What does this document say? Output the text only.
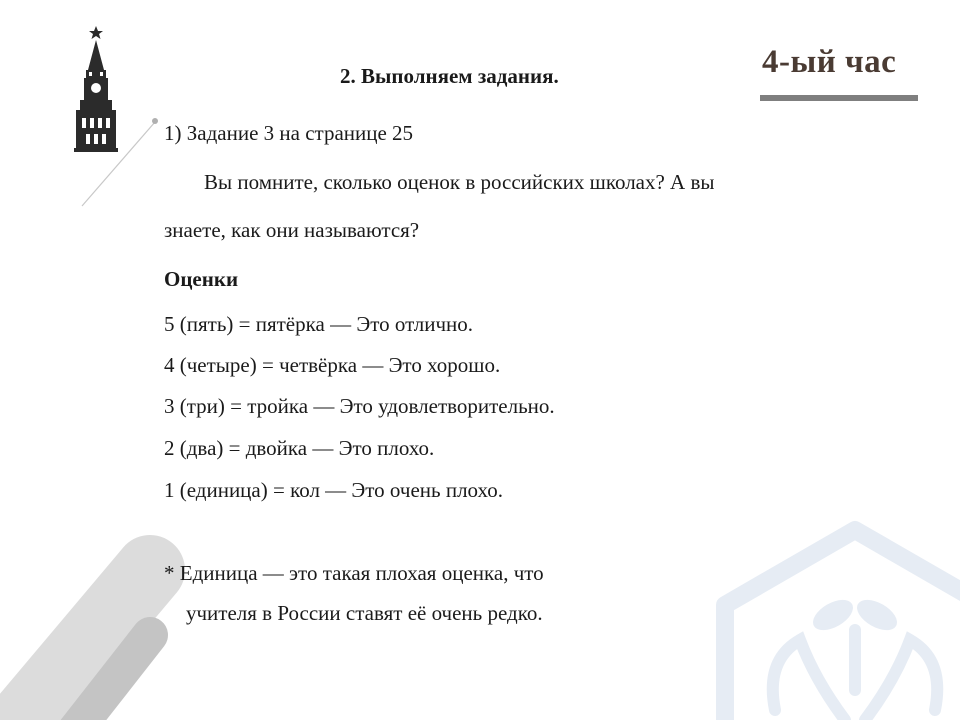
4-ый час
2. Выполняем задания.
1) Задание 3 на странице 25
Вы помните, сколько оценок в российских школах? А вы
знаете, как они называются?
Оценки
5 (пять) = пятёрка — Это отлично.
4 (четыре) = четвёрка — Это хорошо.
3 (три) = тройка — Это удовлетворительно.
2 (два) = двойка — Это плохо.
1 (единица) = кол — Это очень плохо.
* Единица — это такая плохая оценка, что
учителя в России ставят её очень редко.
